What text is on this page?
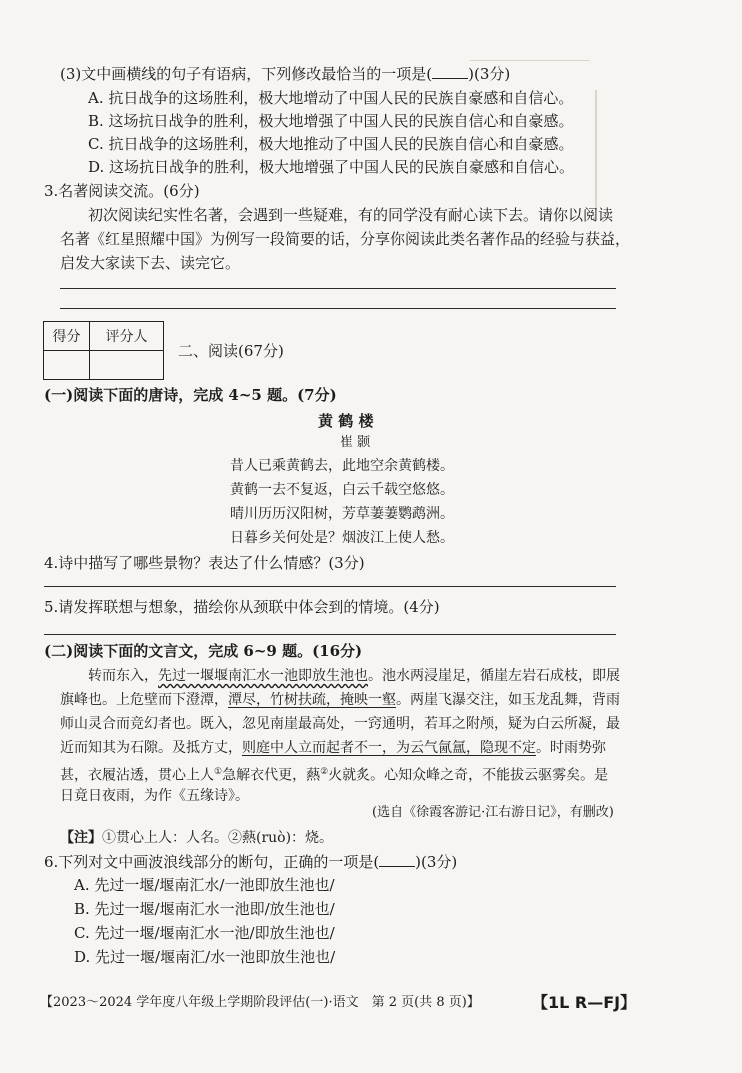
(3)文中画横线的句子有语病，下列修改最恰当的一项是( )(3分)
A. 抗日战争的这场胜利，极大地增动了中国人民的民族自豪感和自信心。
B. 这场抗日战争的胜利，极大地增强了中国人民的民族自信心和自豪感。
C. 抗日战争的这场胜利，极大地推动了中国人民的民族自信心和自豪感。
D. 这场抗日战争的胜利，极大地增强了中国人民的民族自豪感和自信心。
3.名著阅读交流。(6分)
初次阅读纪实性名著，会遇到一些疑难，有的同学没有耐心读下去。请你以阅读
名著《红星照耀中国》为例写一段简要的话，分享你阅读此类名著作品的经验与获益，
启发大家读下去、读完它。
得分	评分人

二、阅读(67分)
(一)阅读下面的唐诗，完成 4~5 题。(7分)
黄 鹤 楼
崔 颢
昔人已乘黄鹤去，此地空余黄鹤楼。
黄鹤一去不复返，白云千载空悠悠。
晴川历历汉阳树，芳草萋萋鹦鹉洲。
日暮乡关何处是？烟波江上使人愁。
4.诗中描写了哪些景物？表达了什么情感？(3分)
5.请发挥联想与想象，描绘你从颈联中体会到的情境。(4分)
(二)阅读下面的文言文，完成 6~9 题。(16分)
转而东入，先过一堰堰南汇水一池即放生池也。池水两浸崖足，循崖左岩石成枝，即展
旗峰也。上危壁而下澄潭，潭尽，竹树扶疏，掩映一壑。两崖飞瀑交注，如玉龙乱舞，背雨
师山灵合而竞幻者也。既入，忽见南崖最高处，一窍通明，若耳之附颅，疑为白云所凝，最
近而知其为石隙。及抵方丈，则庭中人立而起者不一，为云气氤氲，隐现不定。时雨势弥
甚，衣履沾透，贯心上人①急解衣代更，爇②火就炙。心知众峰之奇，不能拔云驱雾矣。是
日竟日夜雨，为作《五缘诗》。
(选自《徐霞客游记·江右游日记》，有删改)
【注】①贯心上人：人名。②爇(ruò)：烧。
6.下列对文中画波浪线部分的断句，正确的一项是( )(3分)
A. 先过一堰/堰南汇水/一池即放生池也/
B. 先过一堰/堰南汇水一池即/放生池也/
C. 先过一堰/堰南汇水一池/即放生池也/
D. 先过一堰/堰南汇/水一池即放生池也/
【2023～2024 学年度八年级上学期阶段评估(一)·语文　第 2 页(共 8 页)】	【1L R—FJ】
